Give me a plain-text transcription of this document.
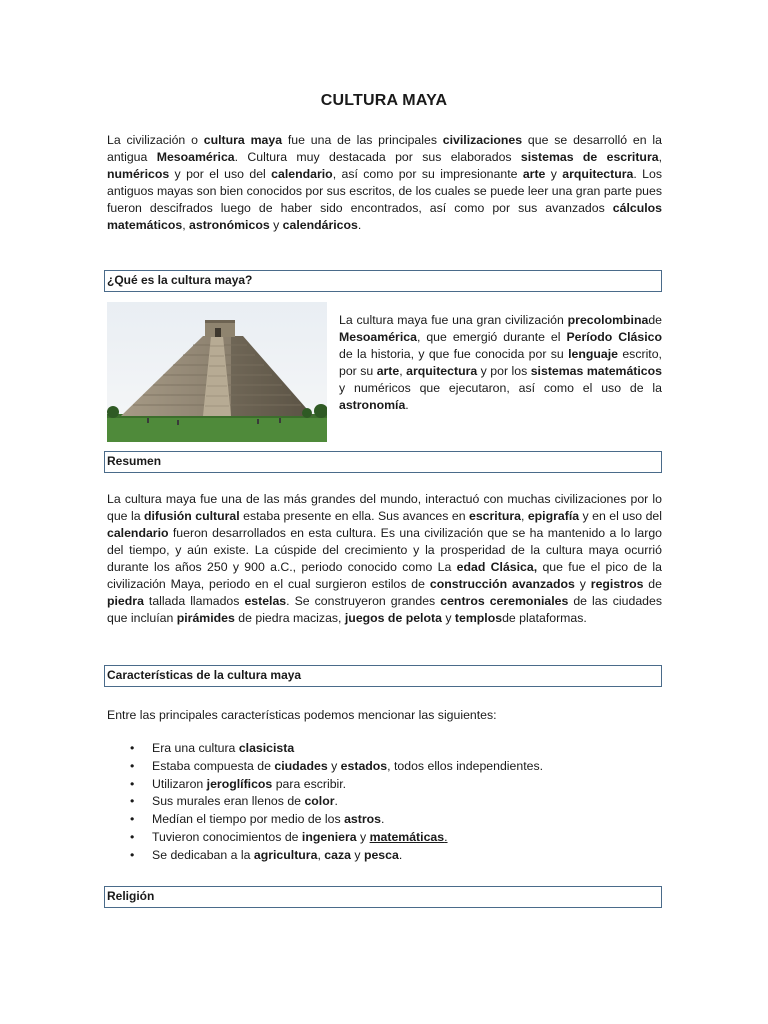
CULTURA MAYA
La civilización o cultura maya fue una de las principales civilizaciones que se desarrolló en la antigua Mesoamérica. Cultura muy destacada por sus elaborados sistemas de escritura, numéricos y por el uso del calendario, así como por su impresionante arte y arquitectura. Los antiguos mayas son bien conocidos por sus escritos, de los cuales se puede leer una gran parte pues fueron descifrados luego de haber sido encontrados, así como por sus avanzados cálculos matemáticos, astronómicos y calendáricos.
¿Qué es la cultura maya?
La cultura maya fue una gran civilización precolombinade Mesoamérica, que emergió durante el Período Clásico de la historia, y que fue conocida por su lenguaje escrito, por su arte, arquitectura y por los sistemas matemáticos y numéricos que ejecutaron, así como el uso de la astronomía.
Resumen
La cultura maya fue una de las más grandes del mundo, interactuó con muchas civilizaciones por lo que la difusión cultural estaba presente en ella. Sus avances en escritura, epigrafía y en el uso del calendario fueron desarrollados en esta cultura. Es una civilización que se ha mantenido a lo largo del tiempo, y aún existe. La cúspide del crecimiento y la prosperidad de la cultura maya ocurrió durante los años 250 y 900 a.C., periodo conocido como La edad Clásica, que fue el pico de la civilización Maya, periodo en el cual surgieron estilos de construcción avanzados y registros de piedra tallada llamados estelas. Se construyeron grandes centros ceremoniales de las ciudades que incluían pirámides de piedra macizas, juegos de pelota y templosde plataformas.
Características de la cultura maya
Entre las principales características podemos mencionar las siguientes:
• Era una cultura clasicista
• Estaba compuesta de ciudades y estados, todos ellos independientes.
• Utilizaron jeroglíficos para escribir.
• Sus murales eran llenos de color.
• Medían el tiempo por medio de los astros.
• Tuvieron conocimientos de ingeniera y matemáticas.
• Se dedicaban a la agricultura, caza y pesca.
Religión
